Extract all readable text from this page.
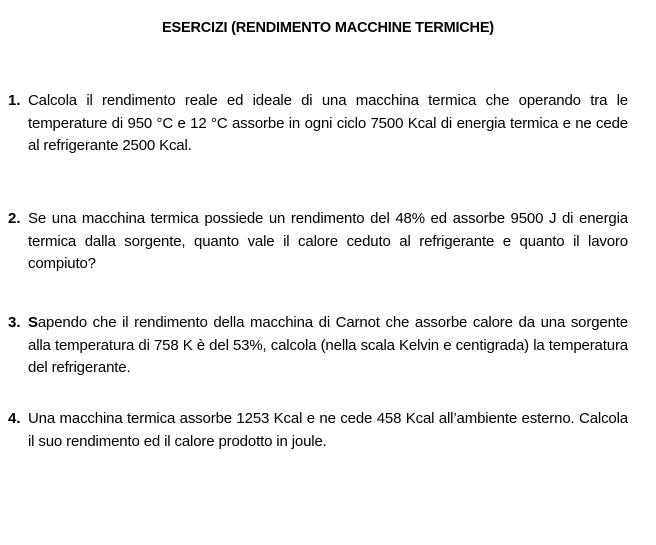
ESERCIZI (RENDIMENTO MACCHINE TERMICHE)
1. Calcola il rendimento reale ed ideale di una macchina termica che operando tra le temperature di 950 °C e 12 °C assorbe in ogni ciclo 7500 Kcal di energia termica e ne cede al refrigerante 2500 Kcal.
2. Se una macchina termica possiede un rendimento del 48% ed assorbe 9500 J di energia termica dalla sorgente, quanto vale il calore ceduto al refrigerante e quanto il lavoro compiuto?
3. Sapendo che il rendimento della macchina di Carnot che assorbe calore da una sorgente alla temperatura di 758 K è del 53%, calcola (nella scala Kelvin e centigrada) la temperatura del refrigerante.
4. Una macchina termica assorbe 1253 Kcal e ne cede 458 Kcal all’ambiente esterno. Calcola il suo rendimento ed il calore prodotto in joule.
